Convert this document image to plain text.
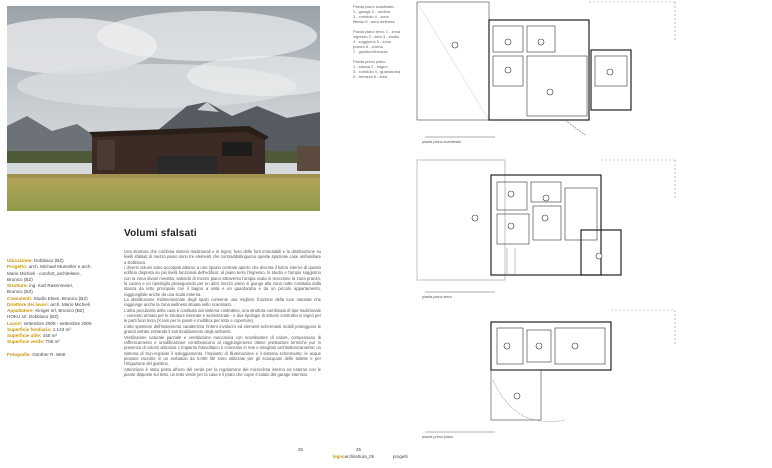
Volumi sfalsati
Ubicazione: Dobbiaco (BZ)
Progetto: arch. Michael Mumelter e arch.
Mario Michieli - comfort_architekten,
Brunico (BZ)
Strutture: ing. Karl Rasenmeier,
Brunico (BZ)
Consulenti: Studio Elsen, Brunico (BZ)
Direttore dei lavori: arch. Mario Michieli
Appaltatore: Kiniger srl, Brunico (BZ)
HOKU srl, Dobbiaco (BZ)
Lavori: settembre 2008 - settembre 2009
Superficie fondiaria: 1.143 m²
Superficie utile: 445 m²
Superficie verde: 706 m²
Fotografie: Günther R. Wett

Una struttura che combina sistemi tradizionali e in legno; fuso delle forti immutabili e la distribuzione su livelli sfalsati di mezzo piano sono tre elementi che contraddistinguono queste spaziose case unifamiliare a Dobbiaco.

I diversi volumi sono accorpati attorno a uno spazio centrale aperto che diventa il fulcro interno di questo edificio disposto su più livelli funzionali dell'edificio: al piano terra l'ingresso, lo studio e l'ampio soggiorno con la zona divani rivestita; salendo di mezzo piano attraverso l'ampia scala in recezione la zona pranzo, la cucina e un ripostiglio proseguendo per un altro mezzo piano si giunge alla zona notte costituita dalla stanza da letto principale con il bagno a vista e un guardaroba e da un piccolo appartamento, raggiungibile anche da una scala esterna.

La distribuzione tridimensionale degli spazi consente una migliore fruizione della luce naturale che raggiunge anche la zona wellness situata nello scantinato.

L'altra peculiarità della casa è costituita dal sistema costruttivo, una struttura combinata di tipo tradizionale - cemento armato per le strutture interrate e seminterrate - e due tipologie di sistemi costruttivi in legno per le parti fuori terra (X-lam per le pareti e multibox per tetto e coperture).

L'alto spessore dell'isolamento caratterizza l'intero involucro ed elementi schermanti mobili proteggono le grandi vetrate entrando il surriscaldamento degli ambienti.

Ventilazione naturale parziale e ventilazione meccanica con scambiatore di calore, compensano di raffrescamento e umidificazione contribuiscono al raggiungimento ottime prestazioni termiche pur in presenza di volumi articolati. L'impianto fotovoltaico è connesso in rete e integrato architettonicamente; un sistema di Sun-regolare il soleggiamento, l'impianto di illuminazione e il sistema schermante; le acque piovane raccolte in un serbatoio da 5.000 litri sono utilizzate per gli sciacquoni delle toilette e per l'irrigazione del giardino.

Attenzione è stata posta all'uso del verde per la regolazione del microclima interno ed esterno con le piante disposte sul tetto, un tetto verde per la casa e il prato che copre il solaio del garage interrato.

Pianta piano scantinato:
1 - garage 2 - cantina
3 - corridoio 4 - zona
fitness 5 - area wellness
Pianta piano terra: 1 - zona
ingresso 2 - atrio 3 - studio
4 - soggiorno 5 - zona
pranzo 6 - cucina
7 - giardino/terrazza
Pianta primo piano:
1 - stanza 2 - bagno
3 - corridoio 4 - guardaroba
5 - terrazza 6 - area
pianta piano scantinato
pianta piano terra
pianta primo piano
25	25
legnoarchitettura_05	progetti
